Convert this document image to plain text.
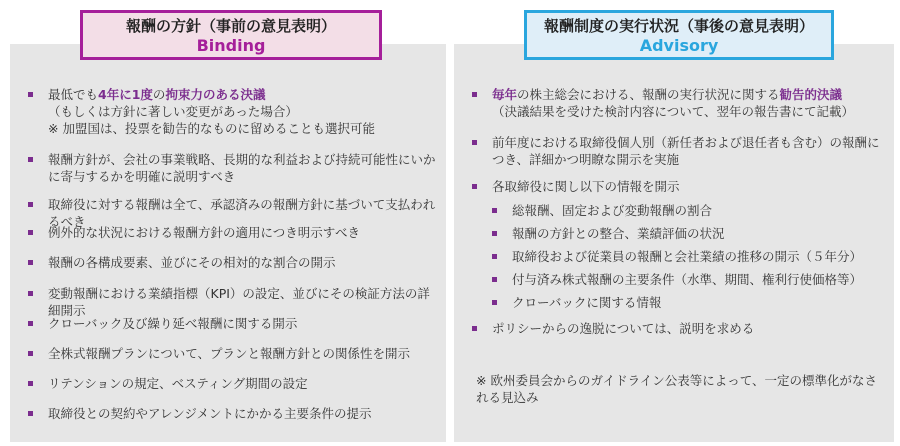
報酬の方針（事前の意見表明）
Binding
報酬制度の実行状況（事後の意見表明）
Advisory
最低でも4年に1度の拘束力のある決議
（もしくは方針に著しい変更があった場合）
※ 加盟国は、投票を勧告的なものに留めることも選択可能
報酬方針が、会社の事業戦略、長期的な利益および持続可能性にいかに寄与するかを明確に説明すべき
取締役に対する報酬は全て、承認済みの報酬方針に基づいて支払われるべき
例外的な状況における報酬方針の適用につき明示すべき
報酬の各構成要素、並びにその相対的な割合の開示
変動報酬における業績指標（KPI）の設定、並びにその検証方法の詳細開示
クローバック及び繰り延べ報酬に関する開示
全株式報酬プランについて、プランと報酬方針との関係性を開示
リテンションの規定、ベスティング期間の設定
取締役との契約やアレンジメントにかかる主要条件の提示
毎年の株主総会における、報酬の実行状況に関する勧告的決議
（決議結果を受けた検討内容について、翌年の報告書にて記載）
前年度における取締役個人別（新任者および退任者も含む）の報酬につき、詳細かつ明瞭な開示を実施
各取締役に関し以下の情報を開示
総報酬、固定および変動報酬の割合
報酬の方針との整合、業績評価の状況
取締役および従業員の報酬と会社業績の推移の開示（５年分）
付与済み株式報酬の主要条件（水準、期間、権利行使価格等）
クローバックに関する情報
ポリシーからの逸脱については、説明を求める
※ 欧州委員会からのガイドライン公表等によって、一定の標準化がなされる見込み
